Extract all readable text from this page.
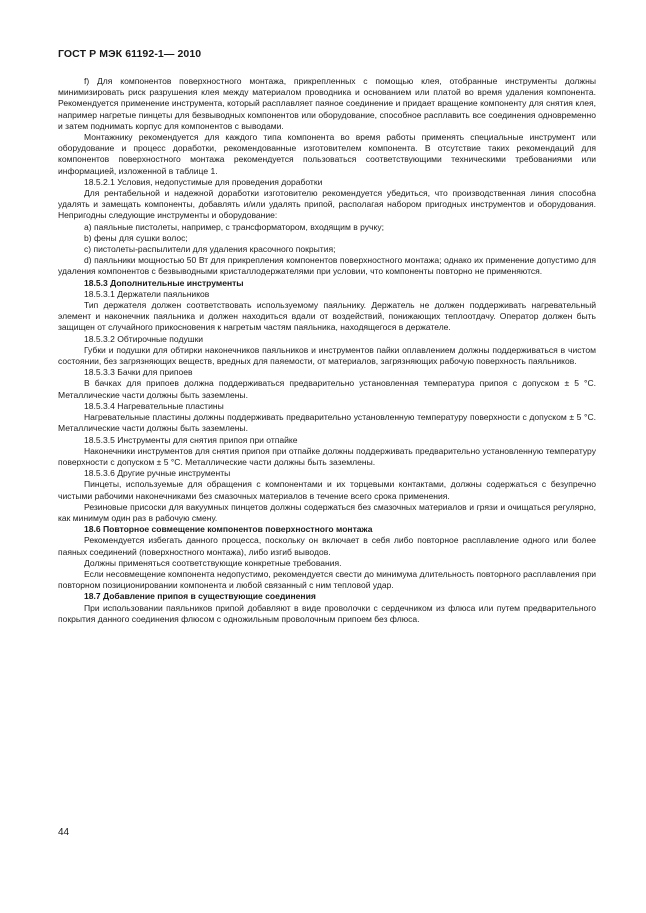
ГОСТ Р МЭК 61192-1— 2010

f) Для компонентов поверхностного монтажа, прикрепленных с помощью клея, отобранные инструменты должны минимизировать риск разрушения клея между материалом проводника и основанием или платой во время удаления компонента. Рекомендуется применение инструмента, который расплавляет паяное соединение и придает вращение компоненту для снятия клея, например нагретые пинцеты для безвыводных компонентов или оборудование, способное расплавить все соединения одновременно и затем поднимать корпус для компонентов с выводами.

Монтажнику рекомендуется для каждого типа компонента во время работы применять специальные инструмент или оборудование и процесс доработки, рекомендованные изготовителем компонента. В отсутствие таких рекомендаций для компонентов поверхностного монтажа рекомендуется пользоваться соответствующими техническими требованиями или информацией, изложенной в таблице 1.

18.5.2.1 Условия, недопустимые для проведения доработки

Для рентабельной и надежной доработки изготовителю рекомендуется убедиться, что производственная линия способна удалять и замещать компоненты, добавлять и/или удалять припой, располагая набором пригодных инструментов и оборудования. Непригодны следующие инструменты и оборудование:

а) паяльные пистолеты, например, с трансформатором, входящим в ручку;

b) фены для сушки волос;

c) пистолеты-распылители для удаления красочного покрытия;

d) паяльники мощностью 50 Вт для прикрепления компонентов поверхностного монтажа; однако их применение допустимо для удаления компонентов с безвыводными кристаллодержателями при условии, что компоненты повторно не применяются.

18.5.3 Дополнительные инструменты

18.5.3.1 Держатели паяльников

Тип держателя должен соответствовать используемому паяльнику. Держатель не должен поддерживать нагревательный элемент и наконечник паяльника и должен находиться вдали от воздействий, понижающих теплоотдачу. Оператор должен быть защищен от случайного прикосновения к нагретым частям паяльника, находящегося в держателе.

18.5.3.2 Обтирочные подушки

Губки и подушки для обтирки наконечников паяльников и инструментов пайки оплавлением должны поддерживаться в чистом состоянии, без загрязняющих веществ, вредных для паяемости, от материалов, загрязняющих рабочую поверхность паяльников.

18.5.3.3 Бачки для припоев

В бачках для припоев должна поддерживаться предварительно установленная температура припоя с допуском ± 5 °С. Металлические части должны быть заземлены.

18.5.3.4 Нагревательные пластины

Нагревательные пластины должны поддерживать предварительно установленную температуру поверхности с допуском ± 5 °С. Металлические части должны быть заземлены.

18.5.3.5 Инструменты для снятия припоя при отпайке

Наконечники инструментов для снятия припоя при отпайке должны поддерживать предварительно установленную температуру поверхности с допуском ± 5 °С. Металлические части должны быть заземлены.

18.5.3.6 Другие ручные инструменты

Пинцеты, используемые для обращения с компонентами и их торцевыми контактами, должны содержаться с безупречно чистыми рабочими наконечниками без смазочных материалов в течение всего срока применения.

Резиновые присоски для вакуумных пинцетов должны содержаться без смазочных материалов и грязи и очищаться регулярно, как минимум один раз в рабочую смену.

18.6 Повторное совмещение компонентов поверхностного монтажа

Рекомендуется избегать данного процесса, поскольку он включает в себя либо повторное расплавление одного или более паяных соединений (поверхностного монтажа), либо изгиб выводов.

Должны применяться соответствующие конкретные требования.

Если несовмещение компонента недопустимо, рекомендуется свести до минимума длительность повторного расплавления при повторном позиционировании компонента и любой связанный с ним тепловой удар.

18.7 Добавление припоя в существующие соединения

При использовании паяльников припой добавляют в виде проволочки с сердечником из флюса или путем предварительного покрытия данного соединения флюсом с одножильным проволочным припоем без флюса.

44
